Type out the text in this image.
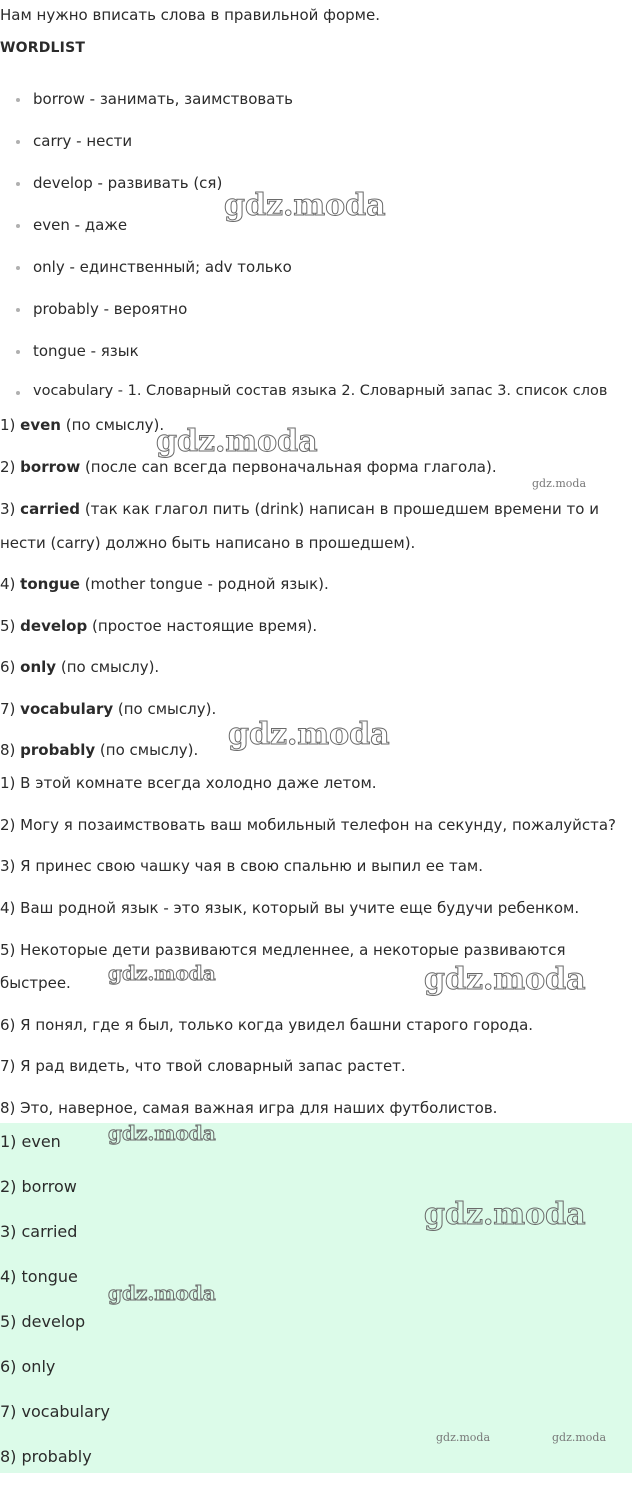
Нам нужно вписать слова в правильной форме.
WORDLIST
borrow - занимать, заимствовать
carry - нести
develop - развивать (ся)
even - даже
only - единственный; adv только
probably - вероятно
tongue - язык
vocabulary - 1. Словарный состав языка 2. Словарный запас 3. список слов
1) even (по смыслу).
2) borrow (после can всегда первоначальная форма глагола).
3) carried (так как глагол пить (drink) написан в прошедшем времени то и
нести (carry) должно быть написано в прошедшем).
4) tongue (mother tongue - родной язык).
5) develop (простое настоящие время).
6) only (по смыслу).
7) vocabulary (по смыслу).
8) probably (по смыслу).
1) В этой комнате всегда холодно даже летом.
2) Могу я позаимствовать ваш мобильный телефон на секунду, пожалуйста?
3) Я принес свою чашку чая в свою спальню и выпил ее там.
4) Ваш родной язык - это язык, который вы учите еще будучи ребенком.
5) Некоторые дети развиваются медленнее, а некоторые развиваются
быстрее.
6) Я понял, где я был, только когда увидел башни старого города.
7) Я рад видеть, что твой словарный запас растет.
8) Это, наверное, самая важная игра для наших футболистов.
1) even
2) borrow
3) carried
4) tongue
5) develop
6) only
7) vocabulary
8) probably
gdz.moda
gdz.moda
gdz.moda
gdz.moda
gdz.moda	gdz.moda
gdz.moda
gdz.moda
gdz.moda
gdz.moda	gdz.moda
